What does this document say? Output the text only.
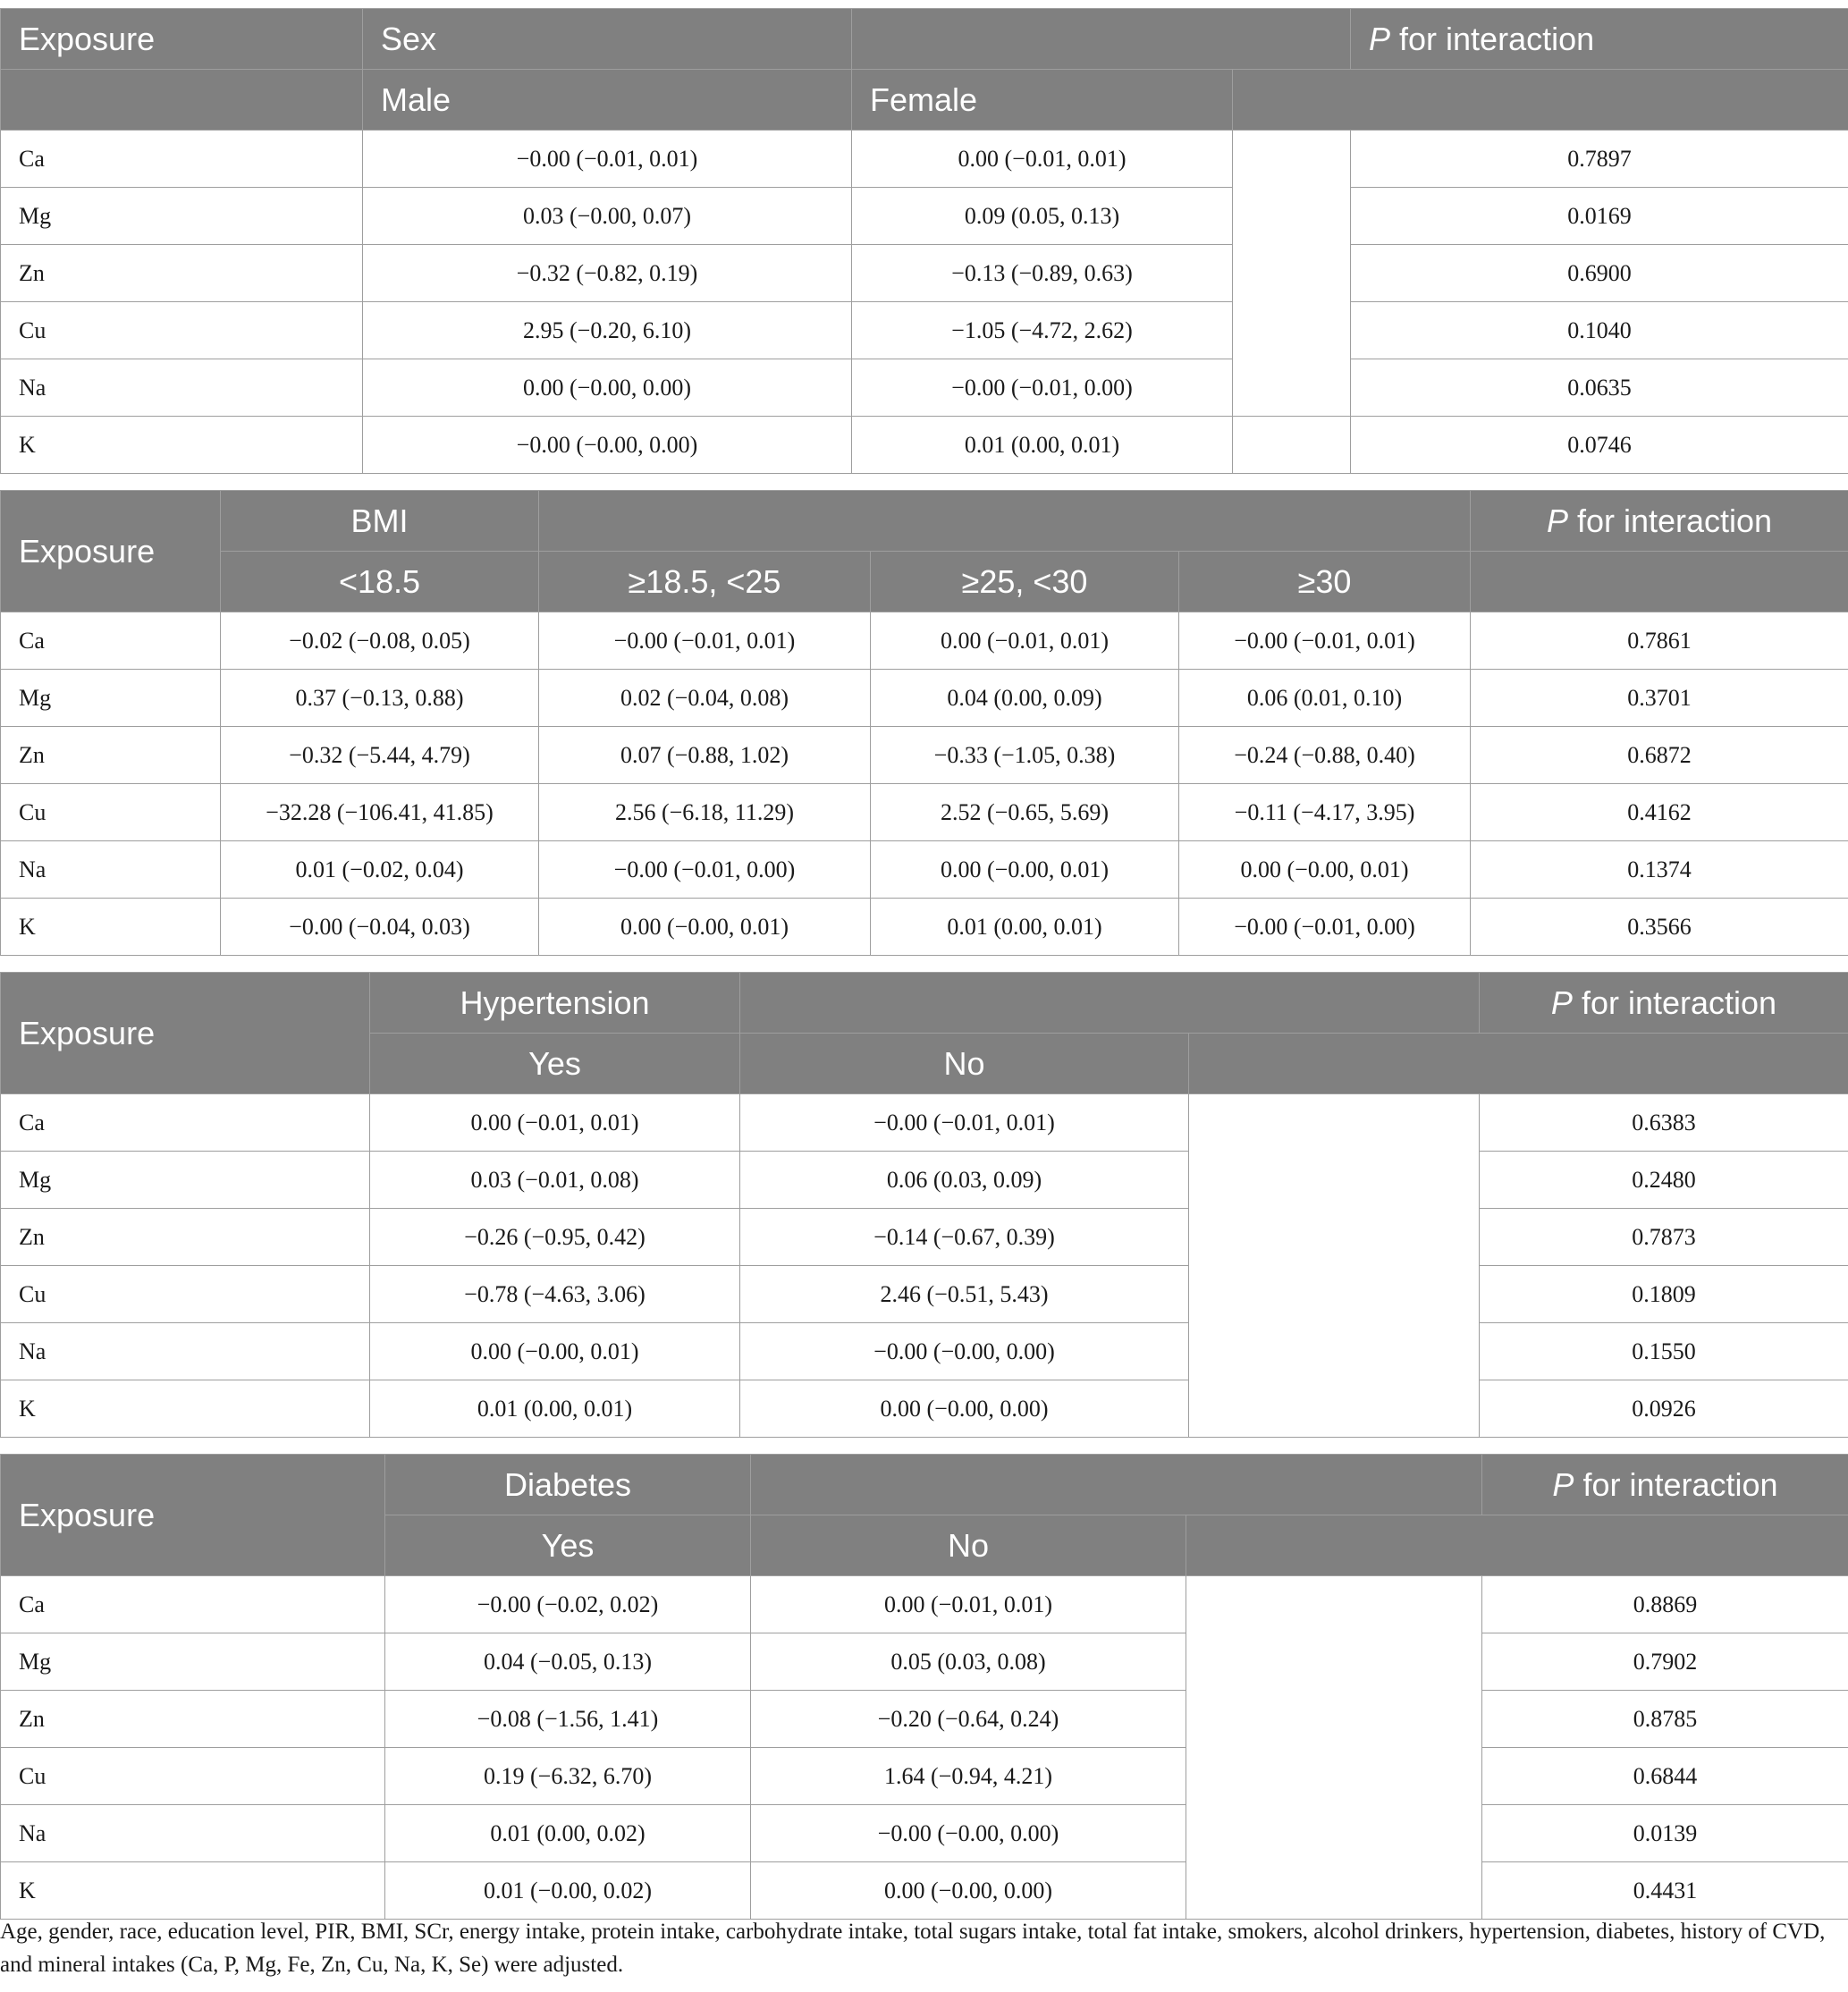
Exposure	Sex			P for interaction
	Male	Female		
Ca	−0.00 (−0.01, 0.01)	0.00 (−0.01, 0.01)		0.7897
Mg	0.03 (−0.00, 0.07)	0.09 (0.05, 0.13)		0.0169
Zn	−0.32 (−0.82, 0.19)	−0.13 (−0.89, 0.63)		0.6900
Cu	2.95 (−0.20, 6.10)	−1.05 (−4.72, 2.62)		0.1040
Na	0.00 (−0.00, 0.00)	−0.00 (−0.01, 0.00)		0.0635
K	−0.00 (−0.00, 0.00)	0.01 (0.00, 0.01)		0.0746
Exposure	BMI				P for interaction
	<18.5	≥18.5, <25	≥25, <30	≥30	
Ca	−0.02 (−0.08, 0.05)	−0.00 (−0.01, 0.01)	0.00 (−0.01, 0.01)	−0.00 (−0.01, 0.01)	0.7861
Mg	0.37 (−0.13, 0.88)	0.02 (−0.04, 0.08)	0.04 (0.00, 0.09)	0.06 (0.01, 0.10)	0.3701
Zn	−0.32 (−5.44, 4.79)	0.07 (−0.88, 1.02)	−0.33 (−1.05, 0.38)	−0.24 (−0.88, 0.40)	0.6872
Cu	−32.28 (−106.41, 41.85)	2.56 (−6.18, 11.29)	2.52 (−0.65, 5.69)	−0.11 (−4.17, 3.95)	0.4162
Na	0.01 (−0.02, 0.04)	−0.00 (−0.01, 0.00)	0.00 (−0.00, 0.01)	0.00 (−0.00, 0.01)	0.1374
K	−0.00 (−0.04, 0.03)	0.00 (−0.00, 0.01)	0.01 (0.00, 0.01)	−0.00 (−0.01, 0.00)	0.3566
Exposure	Hypertension			P for interaction
	Yes	No		
Ca	0.00 (−0.01, 0.01)	−0.00 (−0.01, 0.01)		0.6383
Mg	0.03 (−0.01, 0.08)	0.06 (0.03, 0.09)		0.2480
Zn	−0.26 (−0.95, 0.42)	−0.14 (−0.67, 0.39)		0.7873
Cu	−0.78 (−4.63, 3.06)	2.46 (−0.51, 5.43)		0.1809
Na	0.00 (−0.00, 0.01)	−0.00 (−0.00, 0.00)		0.1550
K	0.01 (0.00, 0.01)	0.00 (−0.00, 0.00)		0.0926
Exposure	Diabetes			P for interaction
	Yes	No		
Ca	−0.00 (−0.02, 0.02)	0.00 (−0.01, 0.01)		0.8869
Mg	0.04 (−0.05, 0.13)	0.05 (0.03, 0.08)		0.7902
Zn	−0.08 (−1.56, 1.41)	−0.20 (−0.64, 0.24)		0.8785
Cu	0.19 (−6.32, 6.70)	1.64 (−0.94, 4.21)		0.6844
Na	0.01 (0.00, 0.02)	−0.00 (−0.00, 0.00)		0.0139
K	0.01 (−0.00, 0.02)	0.00 (−0.00, 0.00)		0.4431
Age, gender, race, education level, PIR, BMI, SCr, energy intake, protein intake, carbohydrate intake, total sugars intake, total fat intake, smokers, alcohol drinkers, hypertension, diabetes, history of CVD, and mineral intakes (Ca, P, Mg, Fe, Zn, Cu, Na, K, Se) were adjusted.
